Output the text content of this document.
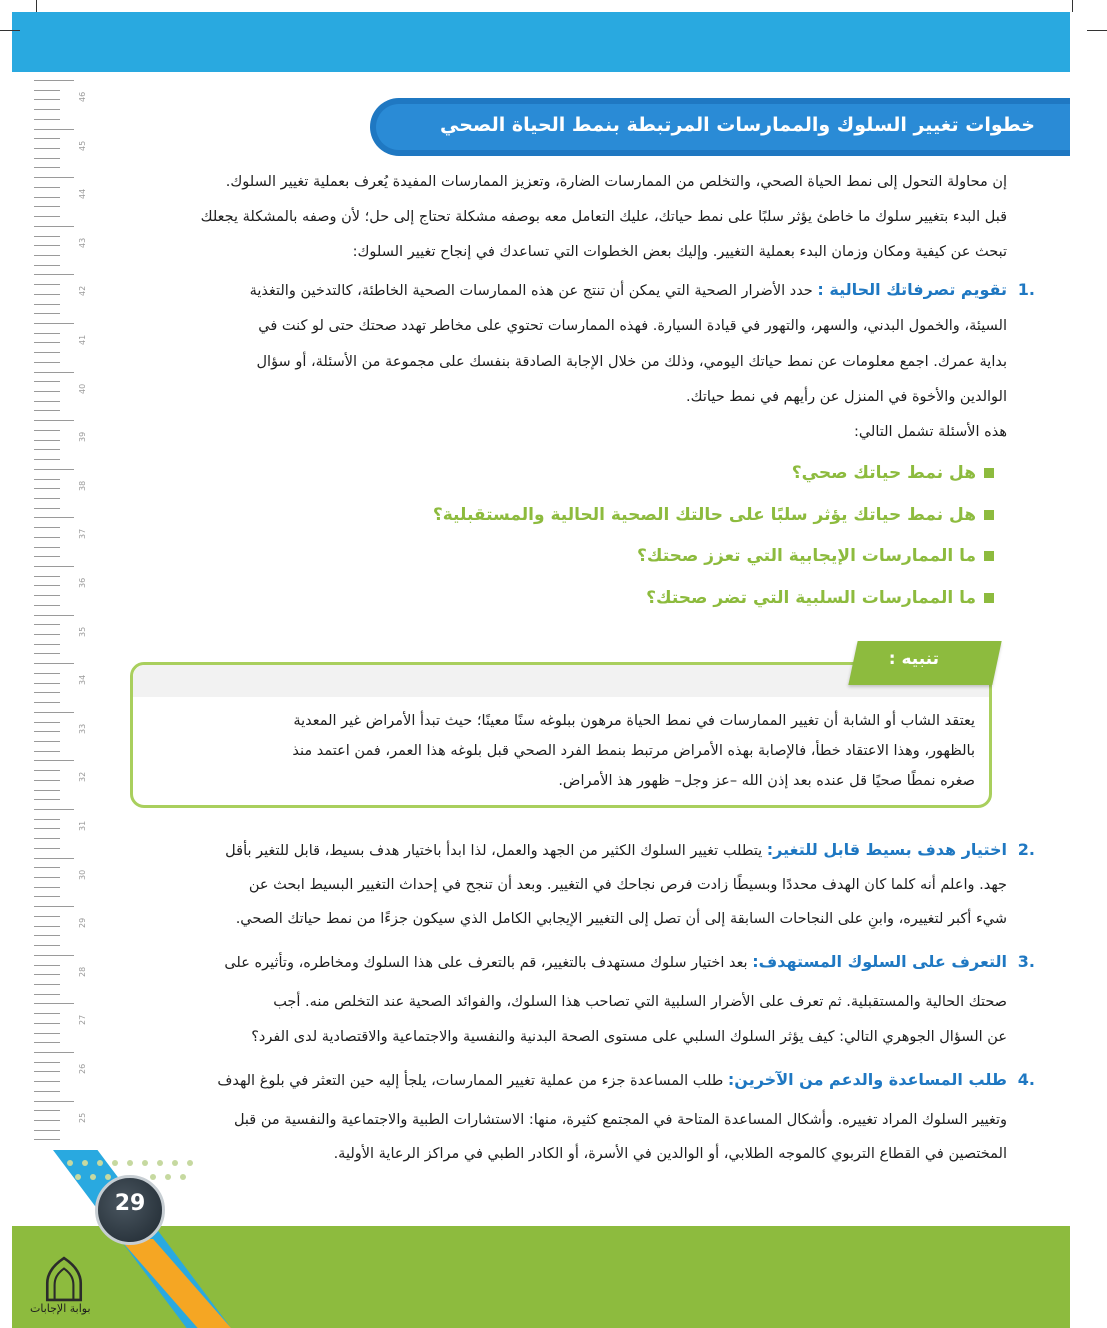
46
45
44
43
42
41
40
39
38
37
36
35
34
33
32
31
30
29
28
27
26
25
خطوات تغيير السلوك والممارسات المرتبطة بنمط الحياة الصحي
إن محاولة التحول إلى نمط الحياة الصحي، والتخلص من الممارسات الضارة، وتعزيز الممارسات المفيدة يُعرف بعملية تغيير السلوك.
قبل البدء بتغيير سلوك ما خاطئ يؤثر سلبًا على نمط حياتك، عليك التعامل معه بوصفه مشكلة تحتاج إلى حل؛ لأن وصفه بالمشكلة يجعلك
تبحث عن كيفية ومكان وزمان البدء بعملية التغيير. وإليك بعض الخطوات التي تساعدك في إنجاح تغيير السلوك:
.1
تقويم تصرفاتك الحالية : حدد الأضرار الصحية التي يمكن أن تنتج عن هذه الممارسات الصحية الخاطئة، كالتدخين والتغذية
السيئة، والخمول البدني، والسهر، والتهور في قيادة السيارة. فهذه الممارسات تحتوي على مخاطر تهدد صحتك حتى لو كنت في
بداية عمرك. اجمع معلومات عن نمط حياتك اليومي، وذلك من خلال الإجابة الصادقة بنفسك على مجموعة من الأسئلة، أو سؤال
الوالدين والأخوة في المنزل عن رأيهم في نمط حياتك.
هذه الأسئلة تشمل التالي:
هل نمط حياتك صحي؟
هل نمط حياتك يؤثر سلبًا على حالتك الصحية الحالية والمستقبلية؟
ما الممارسات الإيجابية التي تعزز صحتك؟
ما الممارسات السلبية التي تضر صحتك؟
تنبيه :
يعتقد الشاب أو الشابة أن تغيير الممارسات في نمط الحياة مرهون ببلوغه سنًا معينًا؛ حيث تبدأ الأمراض غير المعدية
بالظهور، وهذا الاعتقاد خطأ، فالإصابة بهذه الأمراض مرتبط بنمط الفرد الصحي قبل بلوغه هذا العمر، فمن اعتمد منذ
صغره نمطًا صحيًا قل عنده بعد إذن الله –عز وجل– ظهور هذ الأمراض.
.2
اختيار هدف بسيط قابل للتغير: يتطلب تغيير السلوك الكثير من الجهد والعمل، لذا ابدأ باختيار هدف بسيط، قابل للتغير بأقل
جهد. واعلم أنه كلما كان الهدف محددًا وبسيطًا زادت فرص نجاحك في التغيير. وبعد أن تنجح في إحداث التغيير البسيط ابحث عن
شيء أكبر لتغييره، وابنِ على النجاحات السابقة إلى أن تصل إلى التغيير الإيجابي الكامل الذي سيكون جزءًا من نمط حياتك الصحي.
.3
التعرف على السلوك المستهدف: بعد اختيار سلوك مستهدف بالتغيير، قم بالتعرف على هذا السلوك ومخاطره، وتأثيره على
صحتك الحالية والمستقبلية. ثم تعرف على الأضرار السلبية التي تصاحب هذا السلوك، والفوائد الصحية عند التخلص منه. أجب
عن السؤال الجوهري التالي: كيف يؤثر السلوك السلبي على مستوى الصحة البدنية والنفسية والاجتماعية والاقتصادية لدى الفرد؟
.4
طلب المساعدة والدعم من الآخرين: طلب المساعدة جزء من عملية تغيير الممارسات، يلجأ إليه حين التعثر في بلوغ الهدف
وتغيير السلوك المراد تغييره. وأشكال المساعدة المتاحة في المجتمع كثيرة، منها: الاستشارات الطبية والاجتماعية والنفسية من قبل
المختصين في القطاع التربوي كالموجه الطلابي، أو الوالدين في الأسرة، أو الكادر الطبي في مراكز الرعاية الأولية.
29
بوابة الإجابات
